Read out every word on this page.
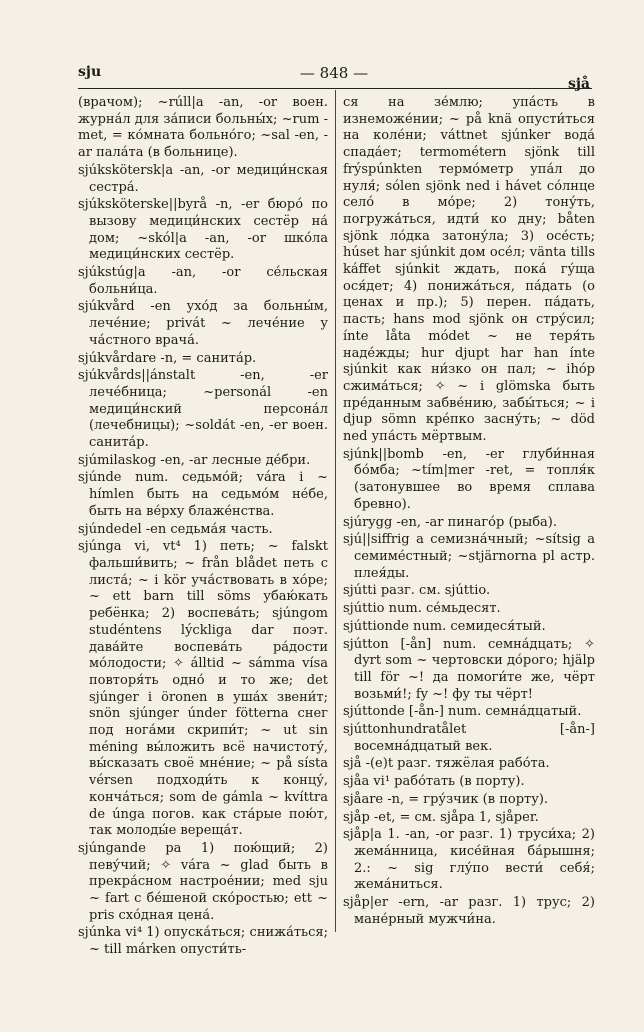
sju	— 848 —
sjå

(врачом); ~rúll|a -an, -or воен. журна́л для за́писи больны́х; ~rum -met, = ко́мната больно́го; ~sal -en, -ar пала́та (в больнице).

sjúkskötersk|a -an, -or медици́нская сестра́.

sjúksköterske||byrå -n, -er бюро́ по вызову медици́нских сестёр на́ дом; ~skól|a -an, -or шко́ла медици́нских сестёр.

sjúkstúg|a -an, -or се́льская больни́ца.

sjúkvård -en ухо́д за больны́м, лече́ние; privát ~ лече́ние у ча́стного врача́.

sjúkvårdare -n, = санита́р.

sjúkvårds||ánstalt -en, -er лече́бница; ~personál -en медици́нский персона́л (лечебницы); ~soldát -en, -er воен. санита́р.

sjúmilaskog -en, -ar лесные де́бри.

sjúnde num. седьмо́й; vára i ~ hímlen быть на седьмо́м не́бе, быть на ве́рху блаже́нства.

sjúndedel -en седьма́я часть.

sjúnga vi, vt⁴ 1) петь; ~ falskt фальши́вить; ~ från blådet петь с листа́; ~ i kör уча́ствовать в хо́ре; ~ ett barn till söms убаю́кать ребёнка; 2) воспева́ть; sjúngom studéntens lýckliga dar поэт. дава́йте воспева́ть ра́дости мо́лодости; ✧ álltid ~ sámma vísa повторя́ть одно́ и то же; det sjúnger i öronen в уша́х звени́т; snön sjúnger únder fötterna снег под нога́ми скрипи́т; ~ ut sin méning вы́ложить всё начистоту́, вы́сказать своё мне́ние; ~ på sísta vérsen подходи́ть к концу́, конча́ться; som de gámla ~ kvíttra de únga погов. как ста́рые пою́т, так молоды́е вереща́т.

sjúngande pa 1) пою́щий; 2) певу́чий; ✧ vára ~ glad быть в прекра́сном настрое́нии; med sju ~ fart с бе́шеной ско́ростью; ett ~ pris схо́дная цена́.

sjúnka vi⁴ 1) опуска́ться; снижа́ться; ~ till márken опусти́ть-

ся на зе́млю; упа́сть в изнеможе́нии; ~ på knä опусти́ться на коле́ни; váttnet sjúnker вода́ спада́ет; termométern sjönk till frýspúnkten термо́метр упа́л до нуля́; sólen sjönk ned i hávet со́лнце село́ в мо́ре; 2) тону́ть, погружа́ться, идти́ ко дну; båten sjönk ло́дка затону́ла; 3) осе́сть; húset har sjúnkit дом осе́л; vänta tills káffet sjúnkit ждать, пока́ гу́ща ося́дет; 4) понижа́ться, па́дать (о ценах и пр.); 5) перен. па́дать, пасть; hans mod sjönk он стру́сил; ínte låta módet ~ не теря́ть наде́жды; hur djupt har han ínte sjúnkit как ни́зко он пал; ~ ihóp сжима́ться; ✧ ~ i glömska быть пре́данным забве́нию, забы́ться; ~ i djup sömn кре́пко засну́ть; ~ död ned упа́сть мёртвым.

sjúnk||bomb -en, -er глуби́нная бо́мба; ~tím|mer -ret, = топля́к (затонувшее во время сплава бревно).

sjúrygg -en, -ar пинаго́р (рыба).

sjú||siffrig a семизна́чный; ~sítsig a семиме́стный; ~stjärnorna pl астр. плея́ды.

sjútti разг. см. sjúttio.

sjúttio num. се́мьдесят.

sjúttionde num. семидеся́тый.

sjútton [-ån] num. семна́дцать; ✧ dyrt som ~ чертовски до́рого; hjälp till för ~! да помоги́те же, чёрт возьми́!; fy ~! фу ты чёрт!

sjúttonde [-ån-] num. семна́дцатый.

sjúttonhundratålet [-ån-] восемна́дцатый век.

sjå -(e)t разг. тяжёлая рабо́та.

sjåa vi¹ рабо́тать (в порту).

sjåare -n, = гру́зчик (в порту).

sjåp -et, = см. sjåpa 1, sjåper.

sjåp|a 1. -an, -or разг. 1) труси́ха; 2) жема́нница, кисе́йная ба́рышня; 2.: ~ sig глу́по вести́ себя́; жема́ниться.

sjåp|er -ern, -ar разг. 1) трус; 2) мане́рный мужчи́на.
